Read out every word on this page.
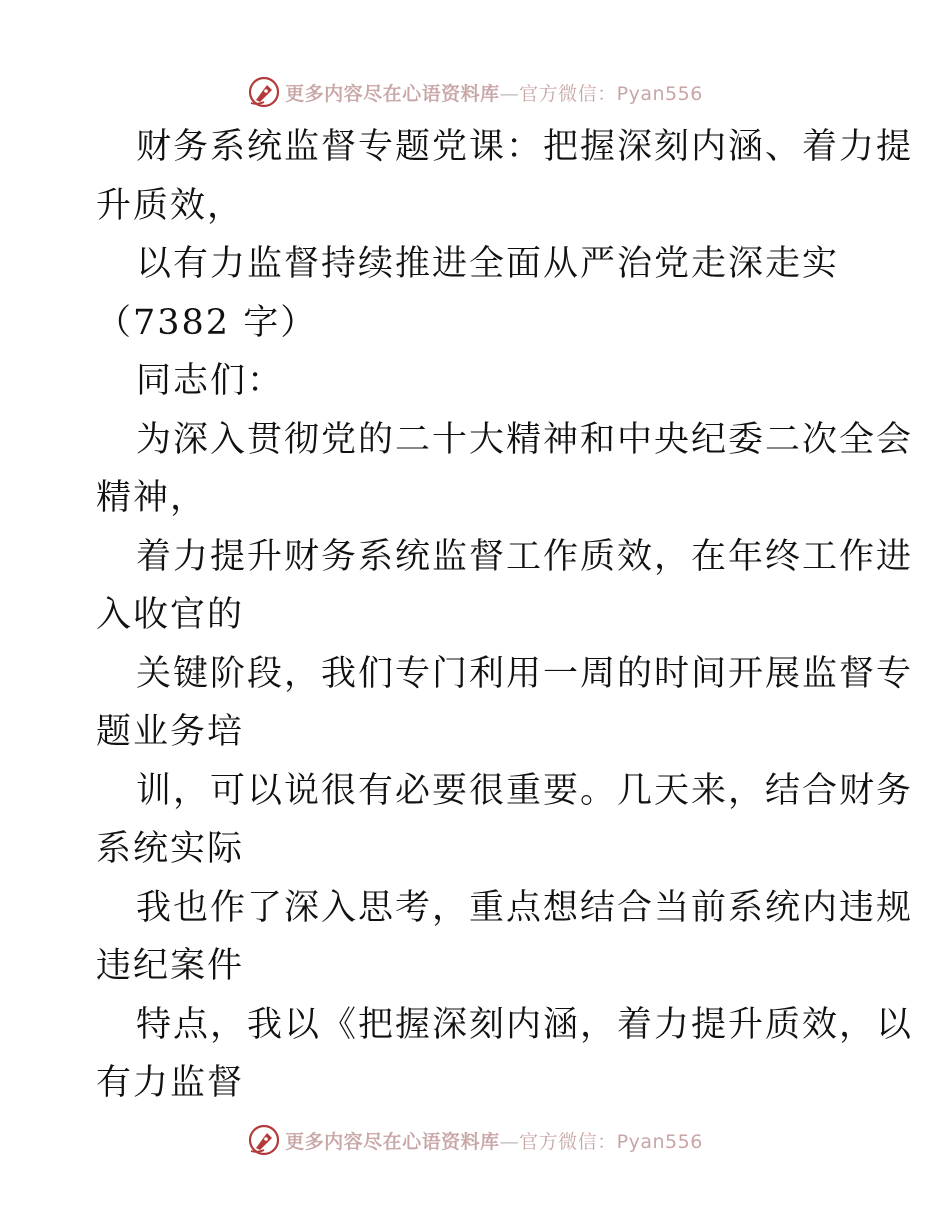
更多内容尽在心语资料库—官方微信：Pyan556
财务系统监督专题党课：把握深刻内涵、着力提
升质效，
以有力监督持续推进全面从严治党走深走实
（7382 字）
同志们：
为深入贯彻党的二十大精神和中央纪委二次全会
精神，
着力提升财务系统监督工作质效，在年终工作进
入收官的
关键阶段，我们专门利用一周的时间开展监督专
题业务培
训，可以说很有必要很重要。几天来，结合财务
系统实际
我也作了深入思考，重点想结合当前系统内违规
违纪案件
特点，我以《把握深刻内涵，着力提升质效，以
有力监督
更多内容尽在心语资料库—官方微信：Pyan556
